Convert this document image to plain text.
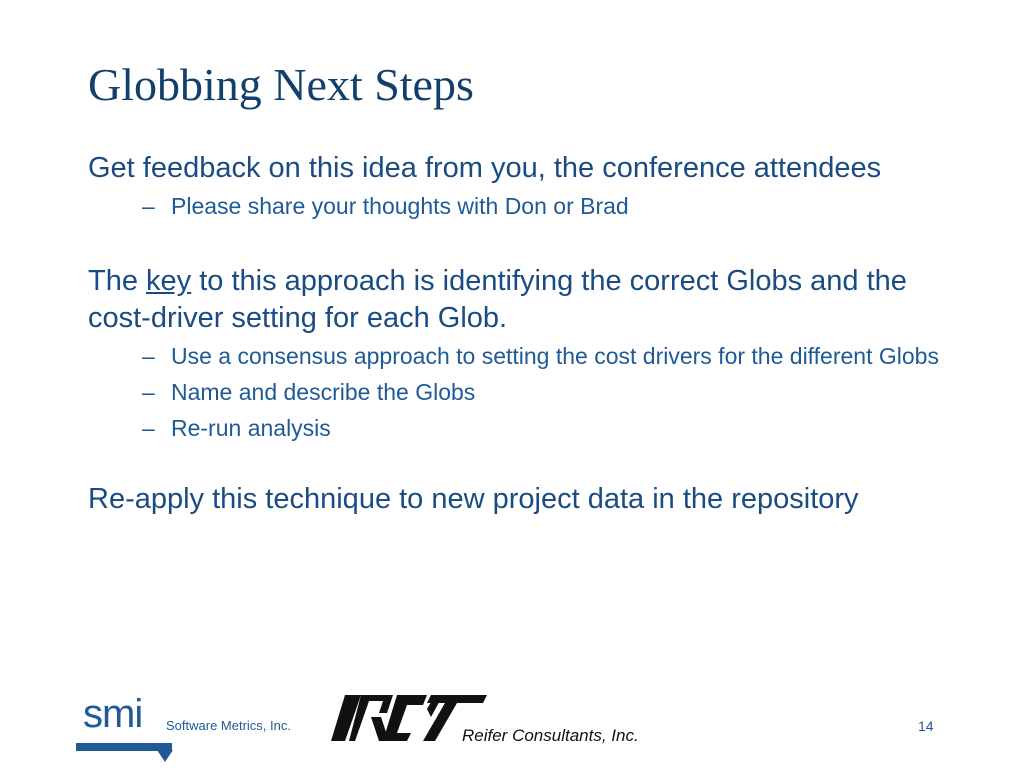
Globbing Next Steps

Get feedback on this idea from you, the conference attendees

– Please share your thoughts with Don or Brad

The key to this approach is identifying the correct Globs and the cost-driver setting for each Glob.

– Use a consensus approach to setting the cost drivers for the different Globs
– Name and describe the Globs
– Re-run analysis

Re-apply this technique to new project data in the repository

smi Software Metrics, Inc.
Reifer Consultants, Inc.	14
